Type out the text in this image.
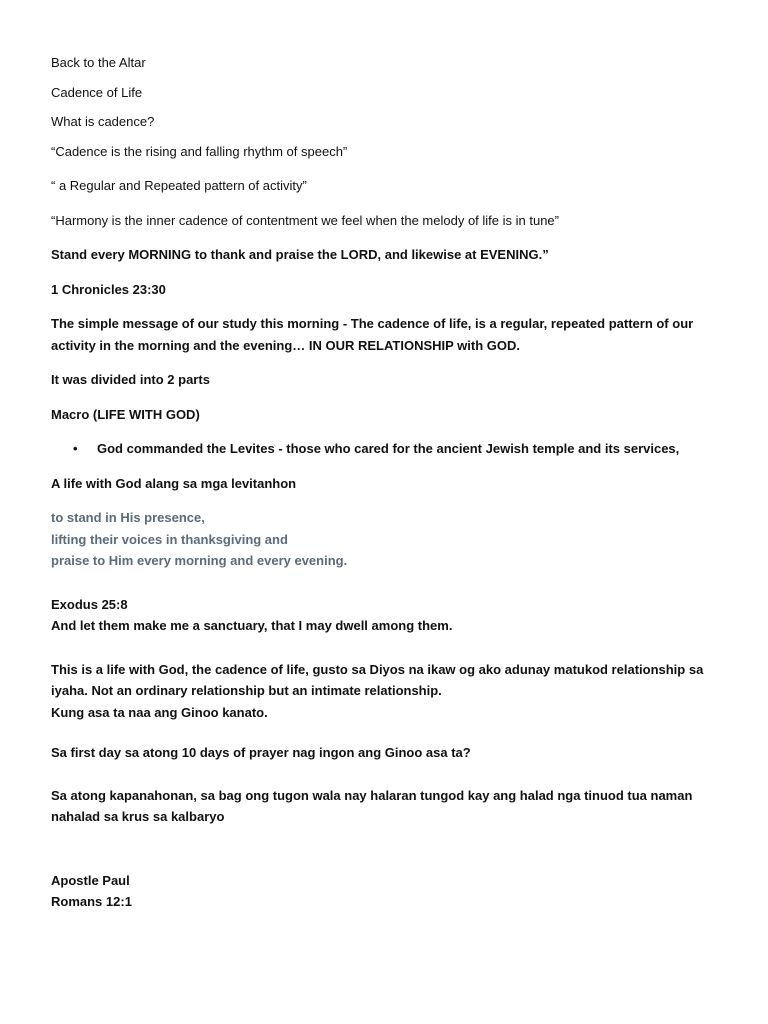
Back to the Altar

Cadence of Life

What is cadence?

“Cadence is the rising and falling rhythm of speech”

“ a Regular and Repeated pattern of activity”

“Harmony is the inner cadence of contentment we feel when the melody of life is in tune”

Stand every MORNING to thank and praise the LORD, and likewise at EVENING.”

1 Chronicles 23:30

The simple message of our study this morning - The cadence of life, is a regular, repeated pattern of our

activity in the morning and the evening… IN OUR RELATIONSHIP with GOD.

It was divided into 2 parts

Macro (LIFE WITH GOD)

•	God commanded the Levites - those who cared for the ancient Jewish temple and its services,

A life with God alang sa mga levitanhon

to stand in His presence,

lifting their voices in thanksgiving and

praise to Him every morning and every evening.

Exodus 25:8

And let them make me a sanctuary, that I may dwell among them.

This is a life with God, the cadence of life, gusto sa Diyos na ikaw og ako adunay matukod relationship sa

iyaha. Not an ordinary relationship but an intimate relationship.

Kung asa ta naa ang Ginoo kanato.

Sa first day sa atong 10 days of prayer nag ingon ang Ginoo asa ta?

Sa atong kapanahonan, sa bag ong tugon wala nay halaran tungod kay ang halad nga tinuod tua naman

nahalad sa krus sa kalbaryo

Apostle Paul

Romans 12:1
